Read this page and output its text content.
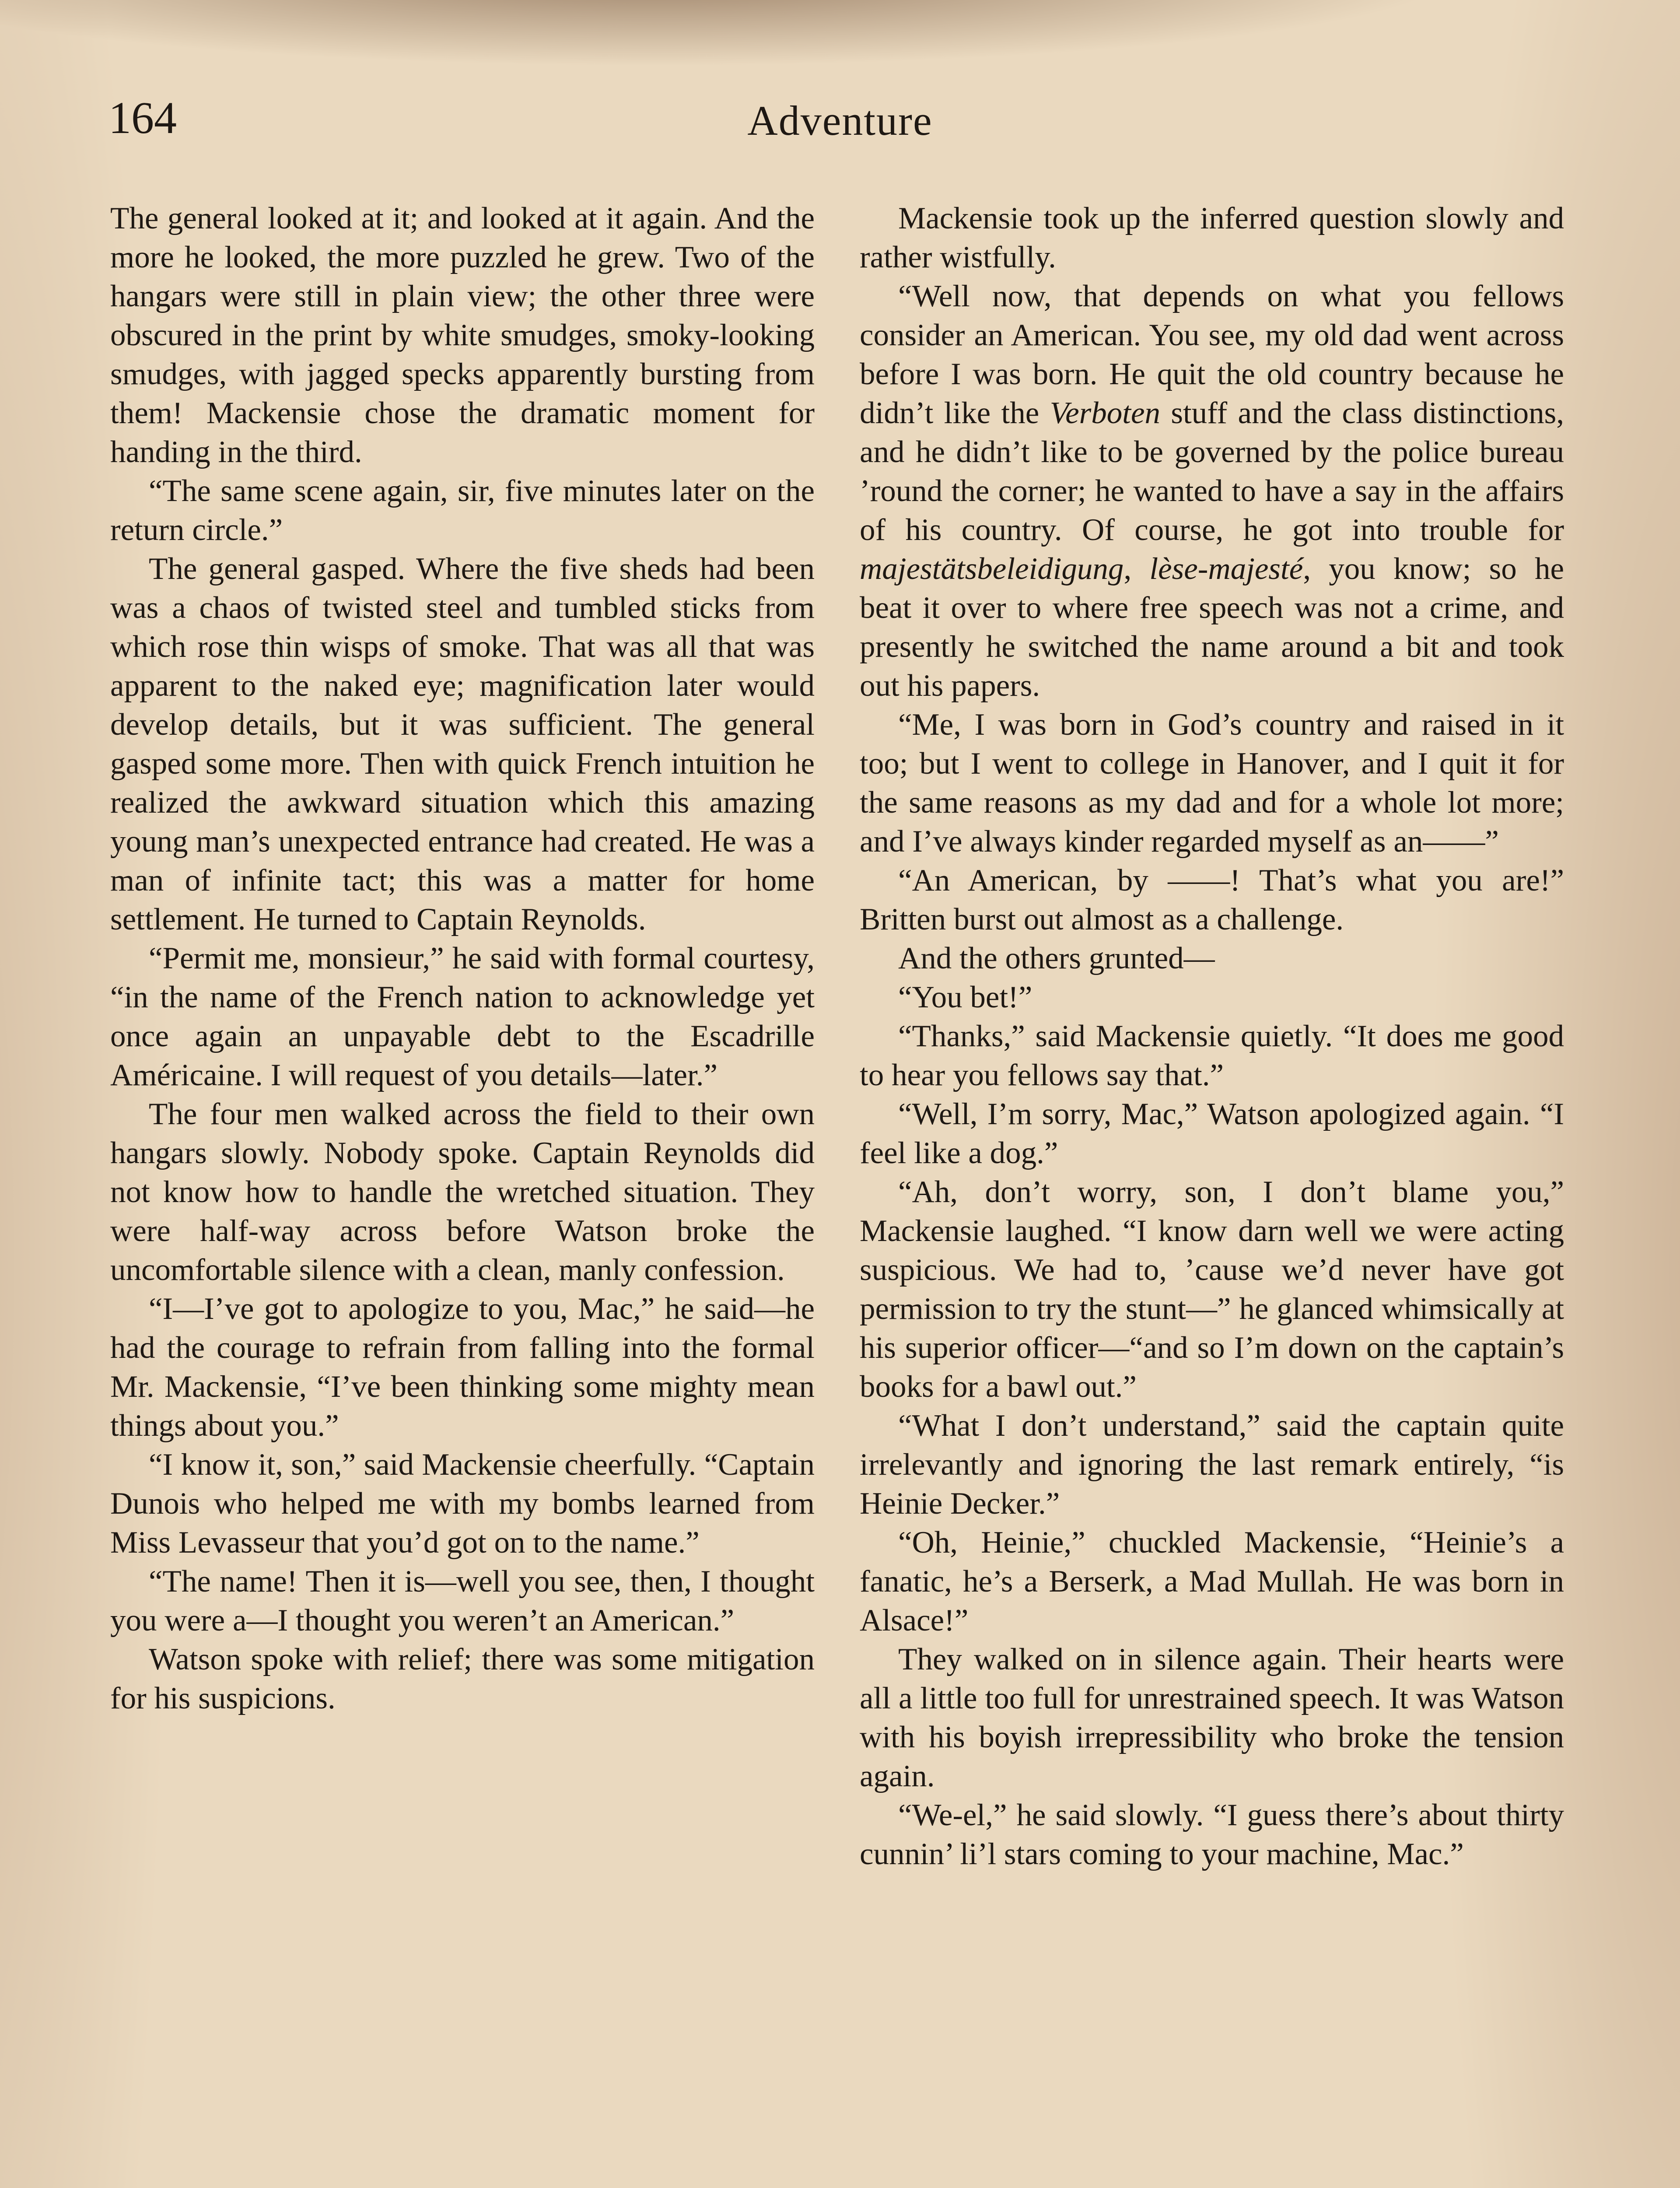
164	Adventure

The general looked at it; and looked at it again. And the more he looked, the more puzzled he grew. Two of the hangars were still in plain view; the other three were obscured in the print by white smudges, smoky-looking smudges, with jagged specks apparently bursting from them! Mackensie chose the dramatic moment for handing in the third.

“The same scene again, sir, five minutes later on the return circle.”

The general gasped. Where the five sheds had been was a chaos of twisted steel and tumbled sticks from which rose thin wisps of smoke. That was all that was apparent to the naked eye; magnification later would develop details, but it was sufficient. The general gasped some more. Then with quick French intuition he realized the awkward situation which this amazing young man’s unexpected entrance had created. He was a man of infinite tact; this was a matter for home settlement. He turned to Captain Reynolds.

“Permit me, monsieur,” he said with formal courtesy, “in the name of the French nation to acknowledge yet once again an unpayable debt to the Escadrille Américaine. I will request of you details—later.”

The four men walked across the field to their own hangars slowly. Nobody spoke. Captain Reynolds did not know how to handle the wretched situation. They were half-way across before Watson broke the uncomfortable silence with a clean, manly confession.

“I—I’ve got to apologize to you, Mac,” he said—he had the courage to refrain from falling into the formal Mr. Mackensie, “I’ve been thinking some mighty mean things about you.”

“I know it, son,” said Mackensie cheerfully. “Captain Dunois who helped me with my bombs learned from Miss Levasseur that you’d got on to the name.”

“The name! Then it is—well you see, then, I thought you were a—I thought you weren’t an American.”

Watson spoke with relief; there was some mitigation for his suspicions.

Mackensie took up the inferred question slowly and rather wistfully.

“Well now, that depends on what you fellows consider an American. You see, my old dad went across before I was born. He quit the old country because he didn’t like the Verboten stuff and the class distinctions, and he didn’t like to be governed by the police bureau ’round the corner; he wanted to have a say in the affairs of his country. Of course, he got into trouble for majestätsbeleidigung, lèse-majesté, you know; so he beat it over to where free speech was not a crime, and presently he switched the name around a bit and took out his papers.

“Me, I was born in God’s country and raised in it too; but I went to college in Hanover, and I quit it for the same reasons as my dad and for a whole lot more; and I’ve always kinder regarded myself as an——”

“An American, by ——! That’s what you are!” Britten burst out almost as a challenge.

And the others grunted—

“You bet!”

“Thanks,” said Mackensie quietly. “It does me good to hear you fellows say that.”

“Well, I’m sorry, Mac,” Watson apologized again. “I feel like a dog.”

“Ah, don’t worry, son, I don’t blame you,” Mackensie laughed. “I know darn well we were acting suspicious. We had to, ’cause we’d never have got permission to try the stunt—” he glanced whimsically at his superior officer—“and so I’m down on the captain’s books for a bawl out.”

“What I don’t understand,” said the captain quite irrelevantly and ignoring the last remark entirely, “is Heinie Decker.”

“Oh, Heinie,” chuckled Mackensie, “Heinie’s a fanatic, he’s a Berserk, a Mad Mullah. He was born in Alsace!”

They walked on in silence again. Their hearts were all a little too full for unrestrained speech. It was Watson with his boyish irrepressibility who broke the tension again.

“We-el,” he said slowly. “I guess there’s about thirty cunnin’ li’l stars coming to your machine, Mac.”
